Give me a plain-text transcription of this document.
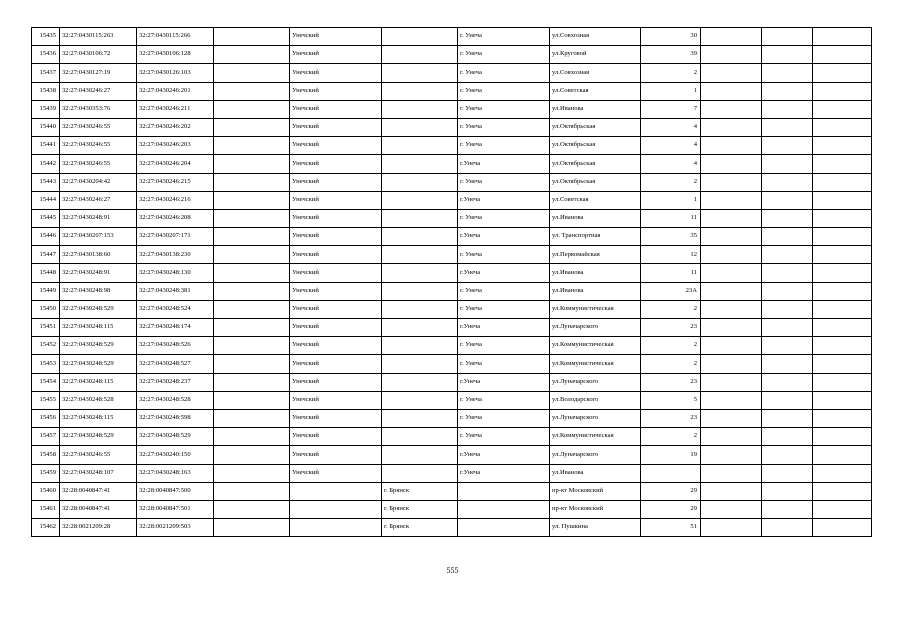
15435	32:27:0430115:263	32:27:0430115:266		Унечский		г. Унеча	ул.Совхозная	30			
15436	32:27:0430106:72	32:27:0430106:128		Унечский		г. Унеча	ул.Круговой	39			
15437	32:27:0430127:19	32:27:0430126:103		Унечский		г. Унеча	ул.Совхозная	2			
15438	32:27:0430246:27	32:27:0430246:201		Унечский		г. Унеча	ул.Советская	1			
15439	32:27:0430353:76	32:27:0430246:211		Унечский		г. Унеча	ул.Иванова	7			
15440	32:27:0430246:55	32:27:0430246:202		Унечский		г. Унеча	ул.Октябрьская	4			
15441	32:27:0430246:55	32:27:0430246:203		Унечский		г. Унеча	ул.Октябрьская	4			
15442	32:27:0430246:55	32:27:0430246:204		Унечский		г.Унеча	ул.Октябрьская	4			
15443	32:27:0430204:42	32:27:0430246:215		Унечский		г. Унеча	ул.Октябрьская	2			
15444	32:27:0430246:27	32:27:0430246:216		Унечский		г.Унеча	ул.Советская	1			
15445	32:27:0430248:91	32:27:0430246:208		Унечский		г. Унеча	ул.Иванова	11			
15446	32:27:0430207:153	32:27:0430207:171		Унечский		г.Унеча	ул. Транспортная	35			
15447	32:27:0430138:60	32:27:0430138:230		Унечский		г. Унеча	ул.Первомайская	12			
15448	32:27:0430248:91	32:27:0430248:130		Унечский		г.Унеча	ул.Иванова	11			
15449	32:27:0430248:98	32:27:0430248:381		Унечский		г. Унеча	ул.Иванова	23А			
15450	32:27:0430248:529	32:27:0430248:524		Унечский		г. Унеча	ул.Коммунистическая	2			
15451	32:27:0430248:115	32:27:0430248:174		Унечский		г.Унеча	ул.Луначарского	23			
15452	32:27:0430248:529	32:27:0430248:526		Унечский		г. Унеча	ул.Коммунистическая	2			
15453	32:27:0430248:529	32:27:0430248:527		Унечский		г. Унеча	ул.Коммунистическая	2			
15454	32:27:0430248:115	32:27:0430248:237		Унечский		г.Унеча	ул.Луначарского	23			
15455	32:27:0430248:528	32:27:0430248:528		Унечский		г. Унеча	ул.Володарского	5			
15456	32:27:0430248:115	32:27:0430248:598		Унечский		г. Унеча	ул.Луначарского	23			
15457	32:27:0430248:529	32:27:0430248:529		Унечский		г. Унеча	ул.Коммунистическая	2			
15458	32:27:0430246:55	32:27:0430240:150		Унечский		г.Унеча	ул.Луначарского	19			
15459	32:27:0430248:107	32:27:0430248:163		Унечский		г.Унеча	ул.Иванова				
15460	32:28:0040847:41	32:28:0040847:500			г. Брянск		пр-кт Московский	29			
15461	32:28:0040847:41	32:28:0040847:501			г. Брянск		пр-кт Московский	29			
15462	32:28:0021209:28	32:28:0021209:503			г. Брянск		ул. Пушкина	51			
555
